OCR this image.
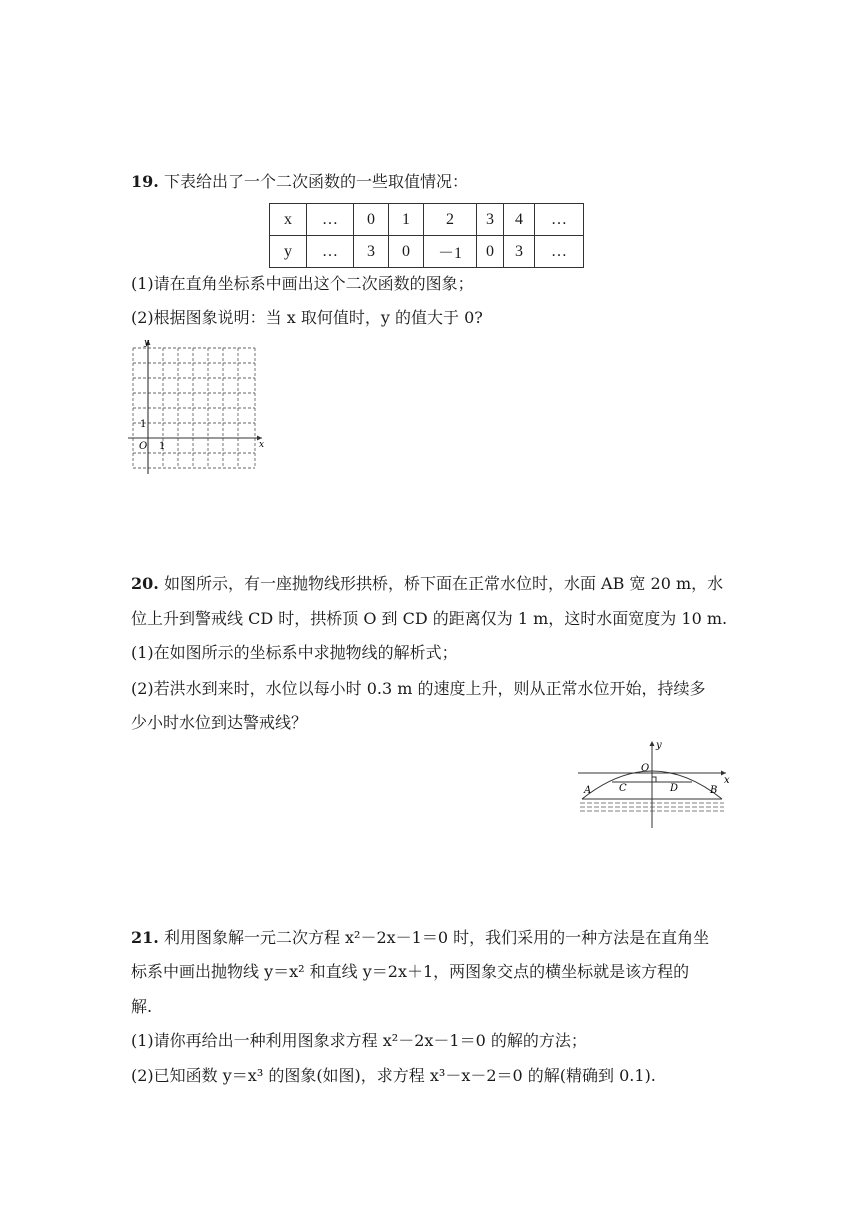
19. 下表给出了一个二次函数的一些取值情况：
x	…	0	1	2	3	4	…
y	…	3	0	－1	0	3	…
(1)请在直角坐标系中画出这个二次函数的图象；
(2)根据图象说明：当 x 取何值时，y 的值大于 0?
y
x
O 1
1
20. 如图所示，有一座抛物线形拱桥，桥下面在正常水位时，水面 AB 宽 20 m，水
位上升到警戒线 CD 时，拱桥顶 O 到 CD 的距离仅为 1 m，这时水面宽度为 10 m.
(1)在如图所示的坐标系中求抛物线的解析式；
(2)若洪水到来时，水位以每小时 0.3 m 的速度上升，则从正常水位开始，持续多
少小时水位到达警戒线？
y
x
O
A	B
C	D
21. 利用图象解一元二次方程 x²－2x－1＝0 时，我们采用的一种方法是在直角坐
标系中画出抛物线 y＝x² 和直线 y＝2x＋1，两图象交点的横坐标就是该方程的
解.
(1)请你再给出一种利用图象求方程 x²－2x－1＝0 的解的方法；
(2)已知函数 y＝x³ 的图象(如图)，求方程 x³－x－2＝0 的解(精确到 0.1).
